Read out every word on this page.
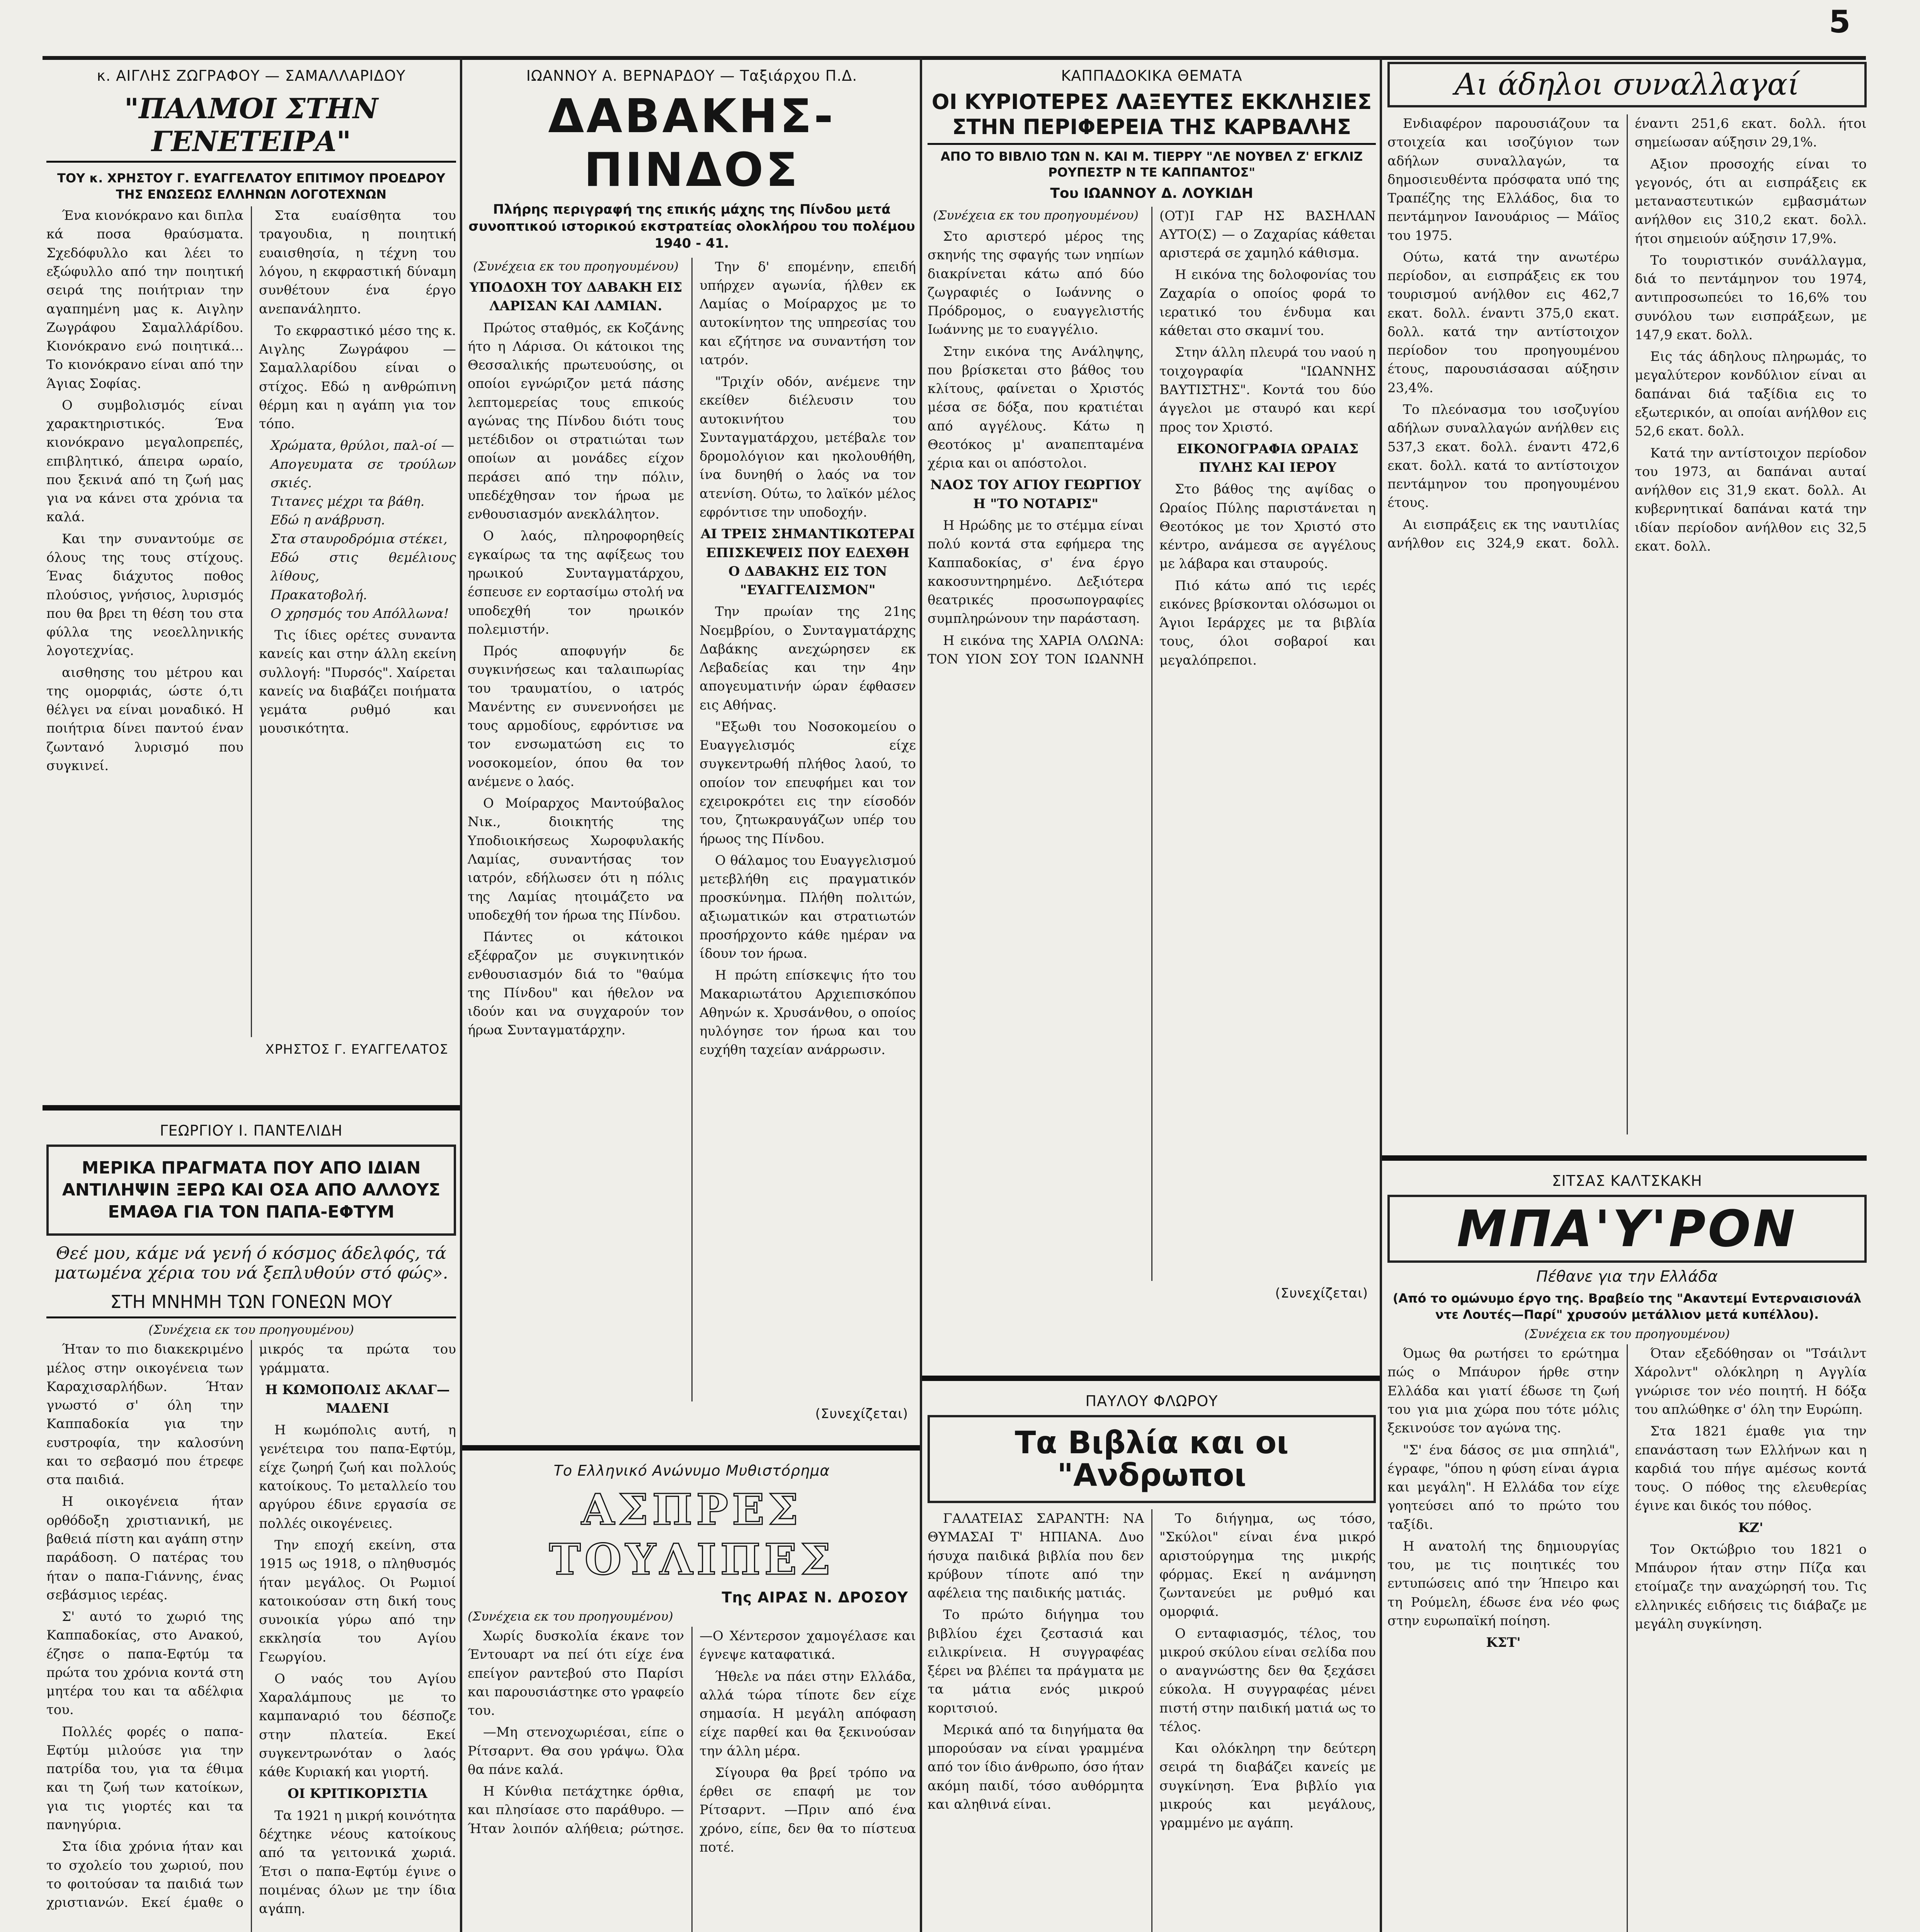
5
κ. ΑΙΓΛΗΣ ΖΩΓΡΑΦΟΥ — ΣΑΜΑΛΛΑΡΙΔΟΥ
"ΠΑΛΜΟΙ ΣΤΗΝ ΓΕΝΕΤΕΙΡΑ"
ΤΟΥ κ. ΧΡΗΣΤΟΥ Γ. ΕΥΑΓΓΕΛΑΤΟΥ ΕΠΙΤΙΜΟΥ ΠΡΟΕΔΡΟΥ ΤΗΣ ΕΝΩΣΕΩΣ ΕΛΛΗΝΩΝ ΛΟΓΟΤΕΧΝΩΝ

Ένα κιονόκρανο και διπλα κά ποσα θραύσματα. Σχεδόφυλλο και λέει το εξώφυλλο από την ποιητική σειρά της ποιήτριαν την αγαπημένη μας κ. Αιγλην Ζωγράφου Σαμαλλάρίδου. Κιονόκρανο ενώ ποιητικά... Το κιονόκρανο είναι από την Άγιας Σοφίας.

Ο συμβολισμός είναι χαρακτηριστικός. Ένα κιονόκρανο μεγαλοπρεπές, επιβλητικό, άπειρα ωραίο, που ξεκινά από τη ζωή μας για να κάνει στα χρόνια τα καλά.

Και την συναντούμε σε όλους της τους στίχους. Ένας διάχυτος ποθος πλούσιος, γνήσιος, λυρισμός που θα βρει τη θέση του στα φύλλα της νεοελληνικής λογοτεχνίας.

αισθησης του μέτρου και της ομορφιάς, ώστε ό,τι θέλγει να είναι μοναδικό. Η ποιήτρια δίνει παντού έναν ζωντανό λυρισμό που συγκινεί.

Στα ευαίσθητα του τραγουδια, η ποιητική ευαισθησία, η τέχνη του λόγου, η εκφραστική δύναμη συνθέτουν ένα έργο ανεπανάληπτο.

Το εκφραστικό μέσο της κ. Αιγλης Ζωγράφου — Σαμαλλαρίδου είναι ο στίχος. Εδώ η ανθρώπινη θέρμη και η αγάπη για τον τόπο.

Χρώματα, θρύλοι, παλ-οί —
Απογευματα σε τρούλων σκιές.
Τιτανες μέχρι τα βάθη.
Εδώ η ανάβρυση.
Στα σταυροδρόμια στέκει,
Εδώ στις θεμέλιους λίθους,
Πρακατοβολή.
Ο χρησμός του Απόλλωνα!

Τις ίδιες ορέτες συναντα κανείς και στην άλλη εκείνη συλλογή: "Πυρσός". Χαίρεται κανείς να διαβάζει ποιήματα γεμάτα ρυθμό και μουσικότητα.

ΧΡΗΣΤΟΣ Γ. ΕΥΑΓΓΕΛΑΤΟΣ
ΓΕΩΡΓΙΟΥ Ι. ΠΑΝΤΕΛΙΔΗ
ΜΕΡΙΚΑ ΠΡΑΓΜΑΤΑ ΠΟΥ ΑΠΟ ΙΔΙΑΝ ΑΝΤΙΛΗΨΙΝ ΞΕΡΩ ΚΑΙ ΟΣΑ ΑΠΟ ΑΛΛΟΥΣ ΕΜΑΘΑ ΓΙΑ ΤΟΝ ΠΑΠΑ-ΕΦΤΥΜ
Θεέ μου, κάμε νά γενή ό κόσμος άδελφός, τά ματωμένα χέρια του νά ξεπλυθούν στό φώς».
ΣΤΗ ΜΝΗΜΗ ΤΩΝ ΓΟΝΕΩΝ ΜΟΥ
(Συνέχεια εκ του προηγουμένου)

Ήταν το πιο διακεκριμένο μέλος στην οικογένεια των Καραχισαρλήδων. Ήταν γνωστό σ' όλη την Καππαδοκία για την ευστροφία, την καλοσύνη και το σεβασμό που έτρεφε στα παιδιά.

Η οικογένεια ήταν ορθόδοξη χριστιανική, με βαθειά πίστη και αγάπη στην παράδοση. Ο πατέρας του ήταν ο παπα-Γιάννης, ένας σεβάσμιος ιερέας.

Σ' αυτό το χωριό της Καππαδοκίας, στο Ανακού, έζησε ο παπα-Εφτύμ τα πρώτα του χρόνια κοντά στη μητέρα του και τα αδέλφια του.

Πολλές φορές ο παπα-Εφτύμ μιλούσε για την πατρίδα του, για τα έθιμα και τη ζωή των κατοίκων, για τις γιορτές και τα πανηγύρια.

Στα ίδια χρόνια ήταν και το σχολείο του χωριού, που το φοιτούσαν τα παιδιά των χριστιανών. Εκεί έμαθε ο μικρός τα πρώτα του γράμματα.

Η ΚΩΜΟΠΟΛΙΣ ΑΚΛΑΓ—ΜΑΔΕΝΙ

Η κωμόπολις αυτή, η γενέτειρα του παπα-Εφτύμ, είχε ζωηρή ζωή και πολλούς κατοίκους. Το μεταλλείο του αργύρου έδινε εργασία σε πολλές οικογένειες.

Την εποχή εκείνη, στα 1915 ως 1918, ο πληθυσμός ήταν μεγάλος. Οι Ρωμιοί κατοικούσαν στη δική τους συνοικία γύρω από την εκκλησία του Αγίου Γεωργίου.

Ο ναός του Αγίου Χαραλάμπους με το καμπαναριό του δέσποζε στην πλατεία. Εκεί συγκεντρωνόταν ο λαός κάθε Κυριακή και γιορτή.

ΟΙ ΚΡΙΤΙΚΟΡΙΣΤΙΑ

Τα 1921 η μικρή κοινότητα δέχτηκε νέους κατοίκους από τα γειτονικά χωριά. Έτσι ο παπα-Εφτύμ έγινε ο ποιμένας όλων με την ίδια αγάπη.

ΙΩΑΝΝΟΥ Α. ΒΕΡΝΑΡΔΟΥ — Ταξιάρχου Π.Δ.
ΔΑΒΑΚΗΣ-ΠΙΝΔΟΣ
Πλήρης περιγραφή της επικής μάχης της Πίνδου μετά συνοπτικού ιστορικού εκστρατείας ολοκλήρου του πολέμου 1940 - 41.

(Συνέχεια εκ του προηγουμένου)

ΥΠΟΔΟΧΗ ΤΟΥ ΔΑΒΑΚΗ ΕΙΣ ΛΑΡΙΣΑΝ ΚΑΙ ΛΑΜΙΑΝ.

Πρώτος σταθμός, εκ Κοζάνης ήτο η Λάρισα. Οι κάτοικοι της Θεσσαλικής πρωτευούσης, οι οποίοι εγνώριζον μετά πάσης λεπτομερείας τους επικούς αγώνας της Πίνδου διότι τους μετέδιδον οι στρατιώται των οποίων αι μονάδες είχον περάσει από την πόλιν, υπεδέχθησαν τον ήρωα με ενθουσιασμόν ανεκλάλητον.

Ο λαός, πληροφορηθείς εγκαίρως τα της αφίξεως του ηρωικού Συνταγματάρχου, έσπευσε εν εορτασίμω στολή να υποδεχθή τον ηρωικόν πολεμιστήν.

Πρός αποφυγήν δε συγκινήσεως και ταλαιπωρίας του τραυματίου, ο ιατρός Μανέντης εν συνεννοήσει με τους αρμοδίους, εφρόντισε να τον ενσωματώση εις το νοσοκομείον, όπου θα τον ανέμενε ο λαός.

Ο Μοίραρχος Μαντούβαλος Νικ., διοικητής της Υποδιοικήσεως Χωροφυλακής Λαμίας, συναντήσας τον ιατρόν, εδήλωσεν ότι η πόλις της Λαμίας ητοιμάζετο να υποδεχθή τον ήρωα της Πίνδου.

Πάντες οι κάτοικοι εξέφραζον με συγκινητικόν ενθουσιασμόν διά το "θαύμα της Πίνδου" και ήθελον να ιδούν και να συγχαρούν τον ήρωα Συνταγματάρχην.

Την δ' επομένην, επειδή υπήρχεν αγωνία, ήλθεν εκ Λαμίας ο Μοίραρχος με το αυτοκίνητον της υπηρεσίας του και εζήτησε να συναντήση τον ιατρόν.

"Τριχίν οδόν, ανέμενε την εκείθεν διέλευσιν του αυτοκινήτου του Συνταγματάρχου, μετέβαλε τον δρομολόγιον και ηκολουθήθη, ίνα δυνηθή ο λαός να τον ατενίση. Ούτω, το λαϊκόν μέλος εφρόντισε την υποδοχήν.

ΑΙ ΤΡΕΙΣ ΣΗΜΑΝΤΙΚΩΤΕΡΑΙ ΕΠΙΣΚΕΨΕΙΣ ΠΟΥ ΕΔΕΧΘΗ Ο ΔΑΒΑΚΗΣ ΕΙΣ ΤΟΝ "ΕΥΑΓΓΕΛΙΣΜΟΝ"

Την πρωίαν της 21ης Νοεμβρίου, ο Συνταγματάρχης Δαβάκης ανεχώρησεν εκ Λεβαδείας και την 4ην απογευματινήν ώραν έφθασεν εις Αθήνας.

"Εξωθι του Νοσοκομείου ο Ευαγγελισμός είχε συγκεντρωθή πλήθος λαού, το οποίον τον επευφήμει και τον εχειροκρότει εις την είσοδόν του, ζητωκραυγάζων υπέρ του ήρωος της Πίνδου.

Ο θάλαμος του Ευαγγελισμού μετεβλήθη εις πραγματικόν προσκύνημα. Πλήθη πολιτών, αξιωματικών και στρατιωτών προσήρχοντο κάθε ημέραν να ίδουν τον ήρωα.

Η πρώτη επίσκεψις ήτο του Μακαριωτάτου Αρχιεπισκόπου Αθηνών κ. Χρυσάνθου, ο οποίος ηυλόγησε τον ήρωα και του ευχήθη ταχείαν ανάρρωσιν.

(Συνεχίζεται)
Το Ελληνικό Ανώνυμο Μυθιστόρημα
ΑΣΠΡΕΣ ΤΟΥΛΙΠΕΣ
Της ΑΙΡΑΣ Ν. ΔΡΟΣΟΥ
(Συνέχεια εκ του προηγουμένου)

Χωρίς δυσκολία έκανε τον Έντουαρτ να πεί ότι είχε ένα επείγον ραντεβού στο Παρίσι και παρουσιάστηκε στο γραφείο του.

—Μη στενοχωριέσαι, είπε ο Ρίτσαρντ. Θα σου γράψω. Όλα θα πάνε καλά.

Η Κύνθια πετάχτηκε όρθια, και πλησίασε στο παράθυρο. —Ήταν λοιπόν αλήθεια; ρώτησε. —Ο Χέντερσον χαμογέλασε και έγνεψε καταφατικά.

Ήθελε να πάει στην Ελλάδα, αλλά τώρα τίποτε δεν είχε σημασία. Η μεγάλη απόφαση είχε παρθεί και θα ξεκινούσαν την άλλη μέρα.

Σίγουρα θα βρεί τρόπο να έρθει σε επαφή με τον Ρίτσαρντ. —Πριν από ένα χρόνο, είπε, δεν θα το πίστευα ποτέ.

ΚΑΠΠΑΔΟΚΙΚΑ ΘΕΜΑΤΑ
ΟΙ ΚΥΡΙΟΤΕΡΕΣ ΛΑΞΕΥΤΕΣ ΕΚΚΛΗΣΙΕΣ ΣΤΗΝ ΠΕΡΙΦΕΡΕΙΑ ΤΗΣ ΚΑΡΒΑΛΗΣ
ΑΠΟ ΤΟ ΒΙΒΛΙΟ ΤΩΝ Ν. ΚΑΙ Μ. ΤΙΕΡΡΥ "ΛΕ ΝΟΥΒΕΛ Ζ' ΕΓΚΛΙΖ ΡΟΥΠΕΣΤΡ Ν ΤΕ ΚΑΠΠΑΝΤΟΣ"
Του ΙΩΑΝΝΟΥ Δ. ΛΟΥΚΙΔΗ

(Συνέχεια εκ του προηγουμένου)

Στο αριστερό μέρος της σκηνής της σφαγής των νηπίων διακρίνεται κάτω από δύο ζωγραφιές ο Ιωάννης ο Πρόδρομος, ο ευαγγελιστής Ιωάννης με το ευαγγέλιο.

Στην εικόνα της Ανάληψης, που βρίσκεται στο βάθος του κλίτους, φαίνεται ο Χριστός μέσα σε δόξα, που κρατιέται από αγγέλους. Κάτω η Θεοτόκος μ' αναπεπταμένα χέρια και οι απόστολοι.

ΝΑΟΣ ΤΟΥ ΑΓΙΟΥ ΓΕΩΡΓΙΟΥ Η "ΤΟ ΝΟΤΑΡΙΣ"

Η Ηρώδης με το στέμμα είναι πολύ κοντά στα εφήμερα της Καππαδοκίας, σ' ένα έργο κακοσυντηρημένο. Δεξιότερα θεατρικές προσωπογραφίες συμπληρώνουν την παράσταση.

Η εικόνα της ΧΑΡΙΑ ΟΛΩΝΑ: ΤΟΝ ΥΙΟΝ ΣΟΥ ΤΟΝ ΙΩΑΝΝΗ (ΟΤ)Ι ΓΑΡ ΗΣ ΒΑΣΗΛΑΝ ΑΥΤΟ(Σ) — ο Ζαχαρίας κάθεται αριστερά σε χαμηλό κάθισμα.

Η εικόνα της δολοφονίας του Ζαχαρία ο οποίος φορά το ιερατικό του ένδυμα και κάθεται στο σκαμνί του.

Στην άλλη πλευρά του ναού η τοιχογραφία "ΙΩΑΝΝΗΣ ΒΑΥΤΙΣΤΗΣ". Κοντά του δύο άγγελοι με σταυρό και κερί προς τον Χριστό.

ΕΙΚΟΝΟΓΡΑΦΙΑ ΩΡΑΙΑΣ ΠΥΛΗΣ ΚΑΙ ΙΕΡΟΥ

Στο βάθος της αψίδας ο Ωραίος Πύλης παριστάνεται η Θεοτόκος με τον Χριστό στο κέντρο, ανάμεσα σε αγγέλους με λάβαρα και σταυρούς.

Πιό κάτω από τις ιερές εικόνες βρίσκονται ολόσωμοι οι Άγιοι Ιεράρχες με τα βιβλία τους, όλοι σοβαροί και μεγαλόπρεποι.

(Συνεχίζεται)
ΠΑΥΛΟΥ ΦΛΩΡΟΥ
Τα Βιβλία και οι "Ανδρωποι

ΓΑΛΑΤΕΙΑΣ ΣΑΡΑΝΤΗ: ΝΑ ΘΥΜΑΣΑΙ Τ' ΗΠΙΑΝΑ. Δυο ήσυχα παιδικά βιβλία που δεν κρύβουν τίποτε από την αφέλεια της παιδικής ματιάς.

Το πρώτο διήγημα του βιβλίου έχει ζεστασιά και ειλικρίνεια. Η συγγραφέας ξέρει να βλέπει τα πράγματα με τα μάτια ενός μικρού κοριτσιού.

Μερικά από τα διηγήματα θα μπορούσαν να είναι γραμμένα από τον ίδιο άνθρωπο, όσο ήταν ακόμη παιδί, τόσο αυθόρμητα και αληθινά είναι.

Το διήγημα, ως τόσο, "Σκύλοι" είναι ένα μικρό αριστούργημα της μικρής φόρμας. Εκεί η ανάμνηση ζωντανεύει με ρυθμό και ομορφιά.

Ο ενταφιασμός, τέλος, του μικρού σκύλου είναι σελίδα που ο αναγνώστης δεν θα ξεχάσει εύκολα. Η συγγραφέας μένει πιστή στην παιδική ματιά ως το τέλος.

Και ολόκληρη την δεύτερη σειρά τη διαβάζει κανείς με συγκίνηση. Ένα βιβλίο για μικρούς και μεγάλους, γραμμένο με αγάπη.

Αι άδηλοι συναλλαγαί

Ενδιαφέρον παρουσιάζουν τα στοιχεία και ισοζύγιον των αδήλων συναλλαγών, τα δημοσιευθέντα πρόσφατα υπό της Τραπέζης της Ελλάδος, δια το πεντάμηνον Ιανουάριος — Μάϊος του 1975.

Ούτω, κατά την ανωτέρω περίοδον, αι εισπράξεις εκ του τουρισμού ανήλθον εις 462,7 εκατ. δολλ. έναντι 375,0 εκατ. δολλ. κατά την αντίστοιχον περίοδον του προηγουμένου έτους, παρουσιάσασαι αύξησιν 23,4%.

Το πλεόνασμα του ισοζυγίου αδήλων συναλλαγών ανήλθεν εις 537,3 εκατ. δολλ. έναντι 472,6 εκατ. δολλ. κατά το αντίστοιχον πεντάμηνον του προηγουμένου έτους.

Αι εισπράξεις εκ της ναυτιλίας ανήλθον εις 324,9 εκατ. δολλ. έναντι 251,6 εκατ. δολλ. ήτοι σημείωσαν αύξησιν 29,1%.

Αξιον προσοχής είναι το γεγονός, ότι αι εισπράξεις εκ μεταναστευτικών εμβασμάτων ανήλθον εις 310,2 εκατ. δολλ. ήτοι σημειούν αύξησιν 17,9%.

Το τουριστικόν συνάλλαγμα, διά το πεντάμηνον του 1974, αντιπροσωπεύει το 16,6% του συνόλου των εισπράξεων, με 147,9 εκατ. δολλ.

Εις τάς άδηλους πληρωμάς, το μεγαλύτερον κονδύλιον είναι αι δαπάναι διά ταξίδια εις το εξωτερικόν, αι οποίαι ανήλθον εις 52,6 εκατ. δολλ.

Κατά την αντίστοιχον περίοδον του 1973, αι δαπάναι αυταί ανήλθον εις 31,9 εκατ. δολλ. Αι κυβερνητικαί δαπάναι κατά την ιδίαν περίοδον ανήλθον εις 32,5 εκατ. δολλ.

ΣΙΤΣΑΣ ΚΑΛΤΣΚΑΚΗ
ΜΠΑ'Υ'ΡΟΝ
Πέθανε για την Ελλάδα
(Από το ομώνυμο έργο της. Βραβείο της "Ακαντεμί Εντερναισιονάλ ντε Λουτές—Παρί" χρυσούν μετάλλιον μετά κυπέλλου).
(Συνέχεια εκ του προηγουμένου)

Όμως θα ρωτήσει το ερώτημα πώς ο Μπάυρον ήρθε στην Ελλάδα και γιατί έδωσε τη ζωή του για μια χώρα που τότε μόλις ξεκινούσε τον αγώνα της.

"Σ' ένα δάσος σε μια σπηλιά", έγραφε, "όπου η φύση είναι άγρια και μεγάλη". Η Ελλάδα τον είχε γοητεύσει από το πρώτο του ταξίδι.

Η ανατολή της δημιουργίας του, με τις ποιητικές του εντυπώσεις από την Ήπειρο και τη Ρούμελη, έδωσε ένα νέο φως στην ευρωπαϊκή ποίηση.

ΚΣΤ'

Όταν εξεδόθησαν οι "Τσάιλντ Χάρολντ" ολόκληρη η Αγγλία γνώρισε τον νέο ποιητή. Η δόξα του απλώθηκε σ' όλη την Ευρώπη.

Στα 1821 έμαθε για την επανάσταση των Ελλήνων και η καρδιά του πήγε αμέσως κοντά τους. Ο πόθος της ελευθερίας έγινε και δικός του πόθος.

ΚΖ'

Τον Οκτώβριο του 1821 ο Μπάυρον ήταν στην Πίζα και ετοίμαζε την αναχώρησή του. Τις ελληνικές ειδήσεις τις διάβαζε με μεγάλη συγκίνηση.
